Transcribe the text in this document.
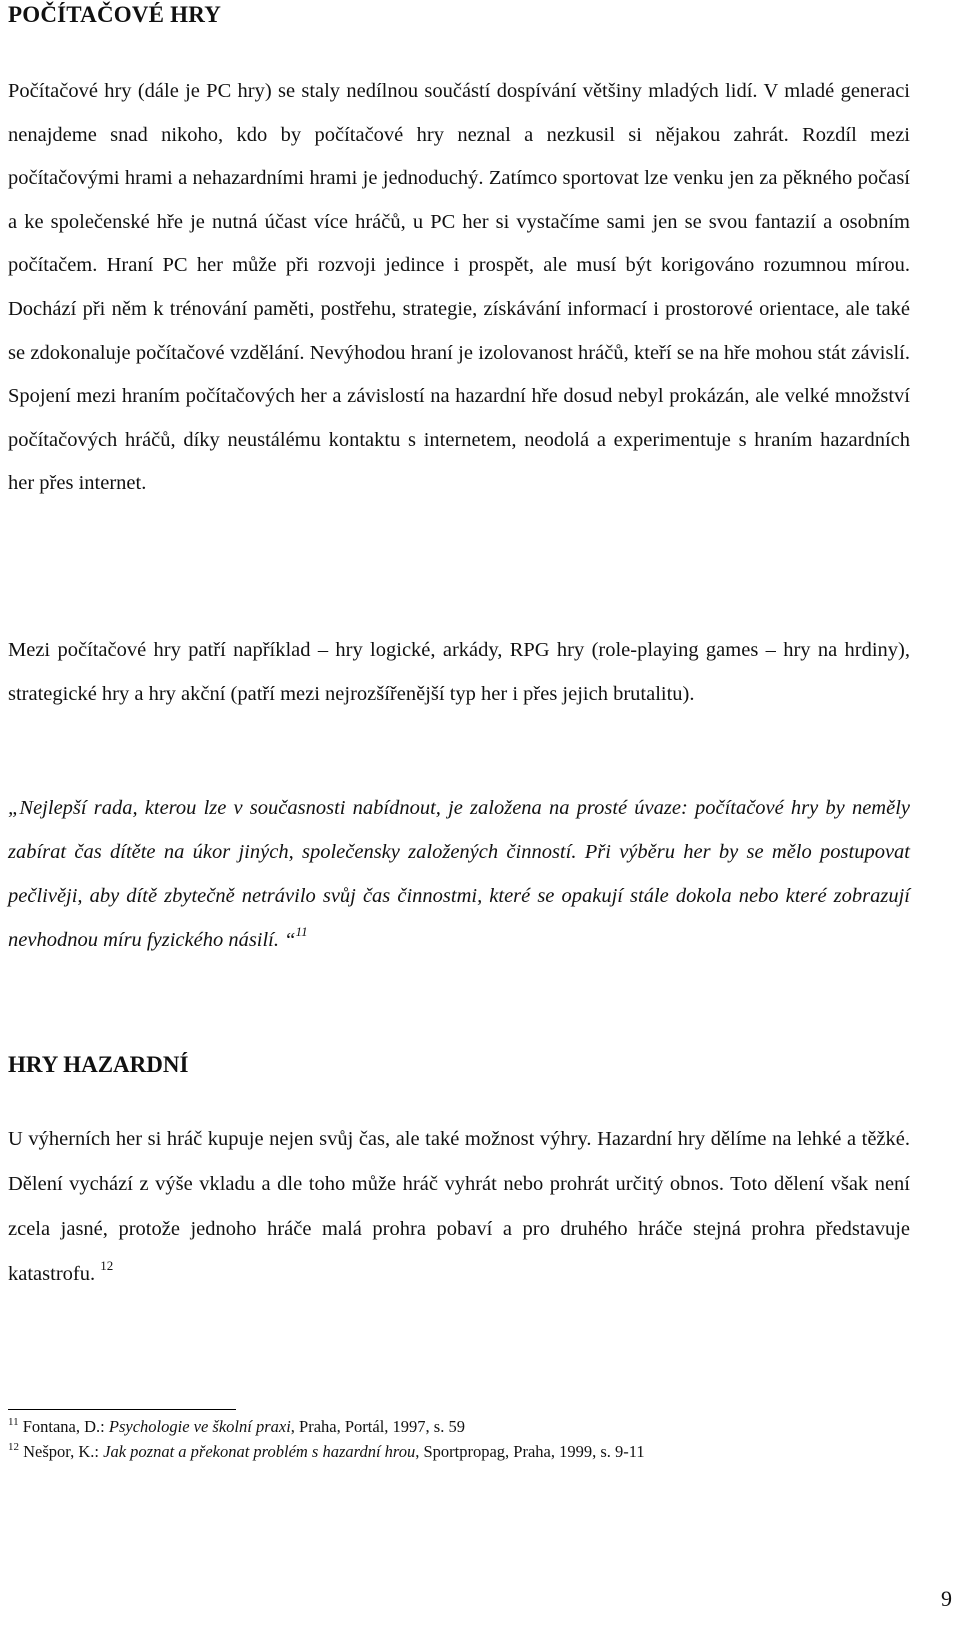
POČÍTAČOVÉ HRY

Počítačové hry (dále je PC hry) se staly nedílnou součástí dospívání většiny mladých lidí. V mladé generaci nenajdeme snad nikoho, kdo by počítačové hry neznal a nezkusil si nějakou zahrát. Rozdíl mezi počítačovými hrami a nehazardními hrami je jednoduchý. Zatímco sportovat lze venku jen za pěkného počasí a ke společenské hře je nutná účast více hráčů, u PC her si vystačíme sami jen se svou fantazií a osobním počítačem. Hraní PC her může při rozvoji jedince i prospět, ale musí být korigováno rozumnou mírou. Dochází při něm k trénování paměti, postřehu, strategie, získávání informací i prostorové orientace, ale také se zdokonaluje počítačové vzdělání. Nevýhodou hraní je izolovanost hráčů, kteří se na hře mohou stát závislí. Spojení mezi hraním počítačových her a závislostí na hazardní hře dosud nebyl prokázán, ale velké množství počítačových hráčů, díky neustálému kontaktu s internetem, neodolá a experimentuje s hraním hazardních her přes internet.

Mezi počítačové hry patří například – hry logické, arkády, RPG hry (role-playing games – hry na hrdiny), strategické hry a hry akční (patří mezi nejrozšířenější typ her i přes jejich brutalitu).

„Nejlepší rada, kterou lze v současnosti nabídnout, je založena na prosté úvaze: počítačové hry by neměly zabírat čas dítěte na úkor jiných, společensky založených činností. Při výběru her by se mělo postupovat pečlivěji, aby dítě zbytečně netrávilo svůj čas činnostmi, které se opakují stále dokola nebo které zobrazují nevhodnou míru fyzického násilí. “$^{11}$

HRY HAZARDNÍ

U výherních her si hráč kupuje nejen svůj čas, ale také možnost výhry. Hazardní hry dělíme na lehké a těžké. Dělení vychází z výše vkladu a dle toho může hráč vyhrát nebo prohrát určitý obnos. Toto dělení však není zcela jasné, protože jednoho hráče malá prohra pobaví a pro druhého hráče stejná prohra představuje katastrofu. $^{12}$

$^{11}$ Fontana, D.: Psychologie ve školní praxi, Praha, Portál, 1997, s. 59
$^{12}$ Nešpor, K.: Jak poznat a překonat problém s hazardní hrou, Sportpropag, Praha, 1999, s. 9-11
9
